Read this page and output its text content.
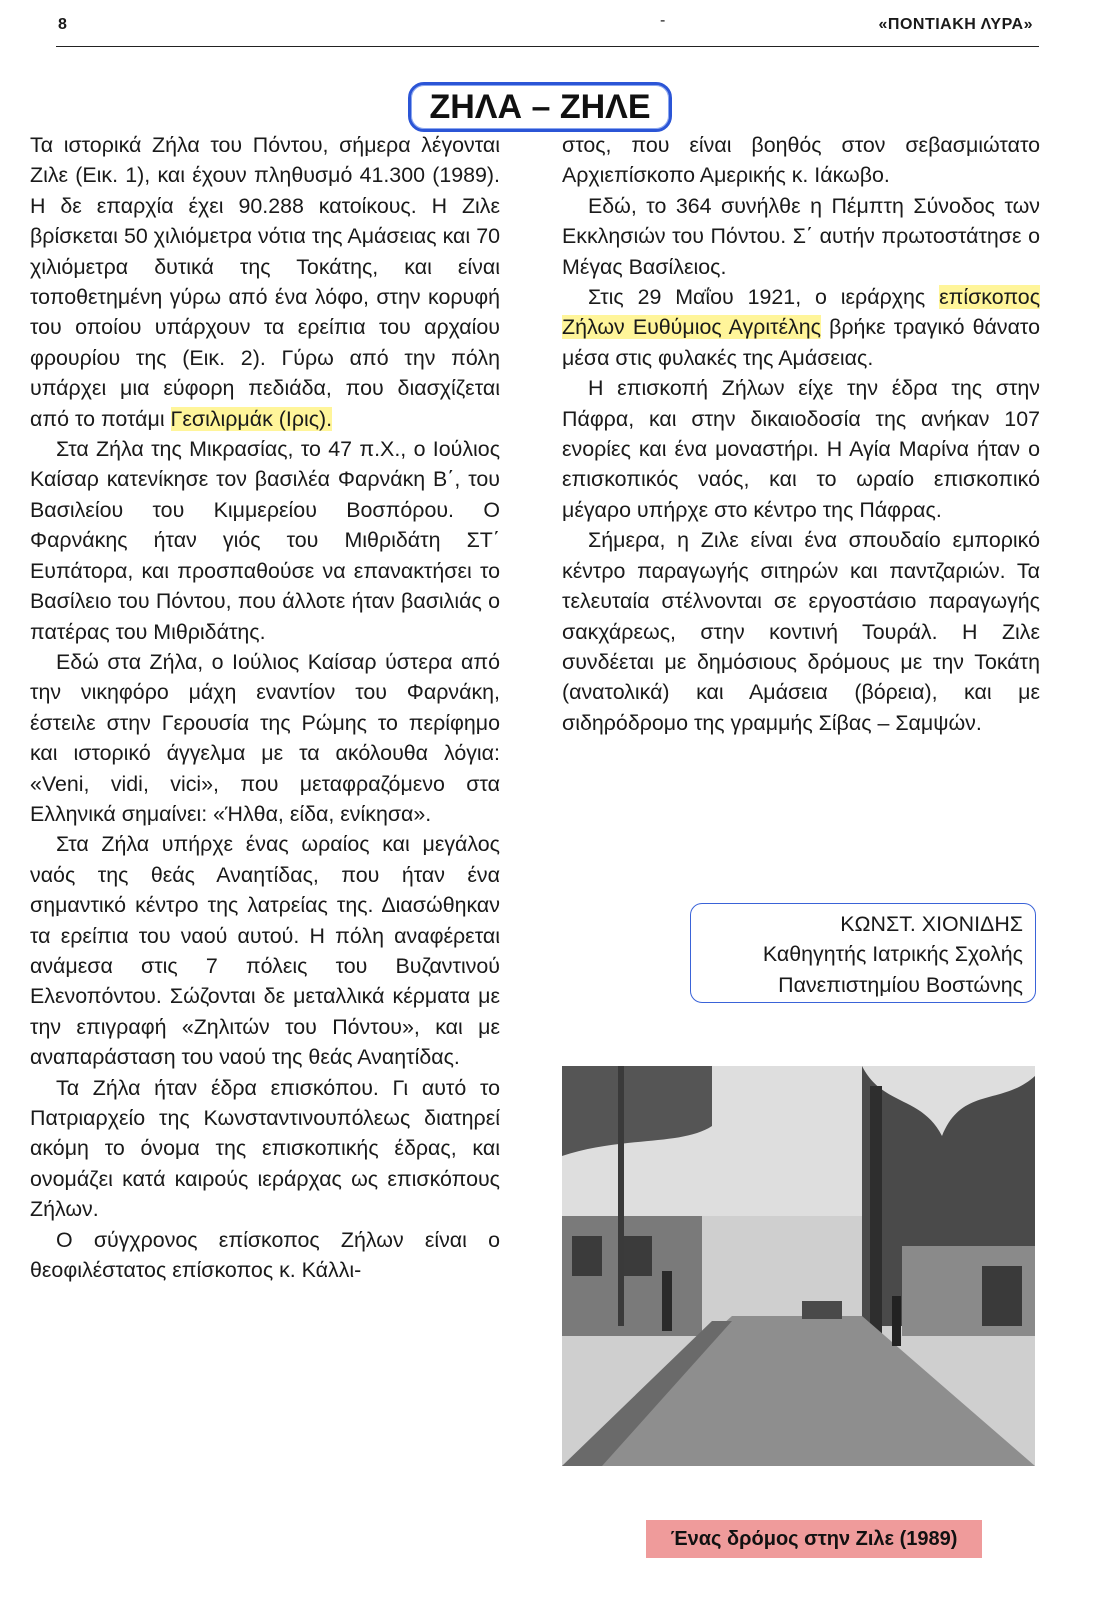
8	-	«ΠΟΝΤΙΑΚΗ ΛΥΡΑ»
ΖΗΛΑ – ΖΗΛΕ

Τα ιστορικά Ζήλα του Πόντου, σήμερα λέγονται Ζιλε (Εικ. 1), και έχουν πληθυσμό 41.300 (1989). Η δε επαρχία έχει 90.288 κατοίκους. Η Ζιλε βρίσκεται 50 χιλιόμετρα νότια της Αμάσειας και 70 χιλιόμετρα δυτικά της Τοκάτης, και είναι τοποθετημένη γύρω από ένα λόφο, στην κορυφή του οποίου υπάρχουν τα ερείπια του αρχαίου φρουρίου της (Εικ. 2). Γύρω από την πόλη υπάρχει μια εύφορη πεδιάδα, που διασχίζεται από το ποτάμι Γεσιλιρμάκ (Ιρις).

Στα Ζήλα της Μικρασίας, το 47 π.Χ., ο Ιούλιος Καίσαρ κατενίκησε τον βασιλέα Φαρνάκη Β΄, του Βασιλείου του Κιμμερείου Βοσπόρου. Ο Φαρνάκης ήταν γιός του Μιθριδάτη ΣΤ΄ Ευπάτορα, και προσπαθούσε να επανακτήσει το Βασίλειο του Πόντου, που άλλοτε ήταν βασιλιάς ο πατέρας του Μιθριδάτης.

Εδώ στα Ζήλα, ο Ιούλιος Καίσαρ ύστερα από την νικηφόρο μάχη εναντίον του Φαρνάκη, έστειλε στην Γερουσία της Ρώμης το περίφημο και ιστορικό άγγελμα με τα ακόλουθα λόγια: «Veni, vidi, vici», που μεταφραζόμενο στα Ελληνικά σημαίνει: «Ήλθα, είδα, ενίκησα».

Στα Ζήλα υπήρχε ένας ωραίος και μεγάλος ναός της θεάς Αναητίδας, που ήταν ένα σημαντικό κέντρο της λατρείας της. Διασώθηκαν τα ερείπια του ναού αυτού. Η πόλη αναφέρεται ανάμεσα στις 7 πόλεις του Βυζαντινού Ελενοπόντου. Σώζονται δε μεταλλικά κέρματα με την επιγραφή «Ζηλιτών του Πόντου», και με αναπαράσταση του ναού της θεάς Αναητίδας.

Τα Ζήλα ήταν έδρα επισκόπου. Γι αυτό το Πατριαρχείο της Κωνσταντινουπόλεως διατηρεί ακόμη το όνομα της επισκοπικής έδρας, και ονομάζει κατά καιρούς ιεράρχας ως επισκόπους Ζήλων.

Ο σύγχρονος επίσκοπος Ζήλων είναι ο θεοφιλέστατος επίσκοπος κ. Κάλλι-

στος, που είναι βοηθός στον σεβασμιώτατο Αρχιεπίσκοπο Αμερικής κ. Ιάκωβο.

Εδώ, το 364 συνήλθε η Πέμπτη Σύνοδος των Εκκλησιών του Πόντου. Σ΄ αυτήν πρωτοστάτησε ο Μέγας Βασίλειος.

Στις 29 Μαΐου 1921, ο ιεράρχης επίσκοπος Ζήλων Ευθύμιος Αγριτέλης βρήκε τραγικό θάνατο μέσα στις φυλακές της Αμάσειας.

Η επισκοπή Ζήλων είχε την έδρα της στην Πάφρα, και στην δικαιοδοσία της ανήκαν 107 ενορίες και ένα μοναστήρι. Η Αγία Μαρίνα ήταν ο επισκοπικός ναός, και το ωραίο επισκοπικό μέγαρο υπήρχε στο κέντρο της Πάφρας.

Σήμερα, η Ζιλε είναι ένα σπουδαίο εμπορικό κέντρο παραγωγής σιτηρών και παντζαριών. Τα τελευταία στέλνονται σε εργοστάσιο παραγωγής σακχάρεως, στην κοντινή Τουράλ. Η Ζιλε συνδέεται με δημόσιους δρόμους με την Τοκάτη (ανατολικά) και Αμάσεια (βόρεια), και με σιδηρόδρομο της γραμμής Σίβας – Σαμψών.

ΚΩΝΣΤ. ΧΙΟΝΙΔΗΣ
Καθηγητής Ιατρικής Σχολής
Πανεπιστημίου Βοστώνης
Ένας δρόμος στην Ζιλε (1989)
